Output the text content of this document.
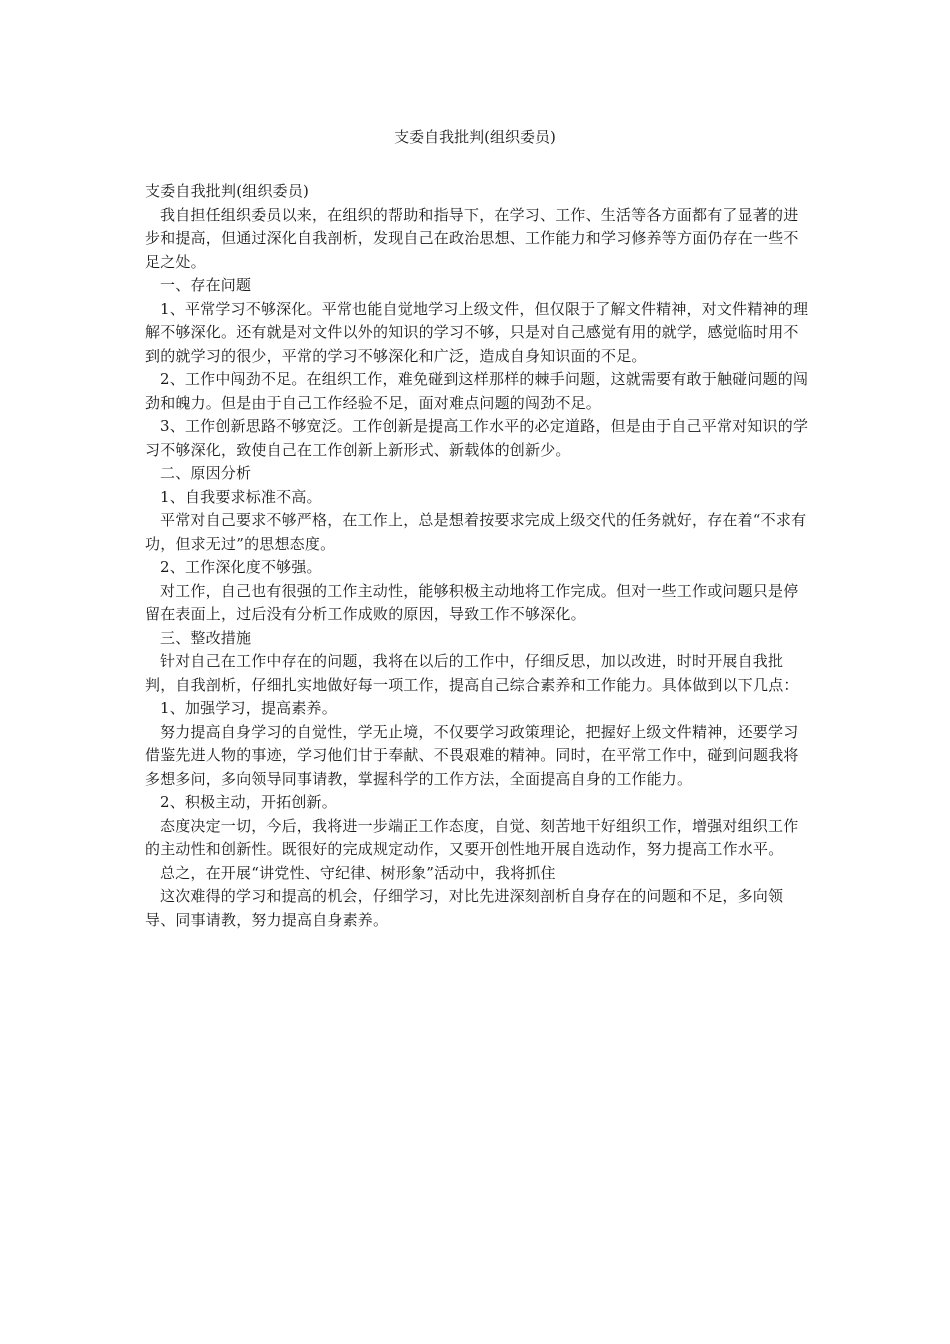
支委自我批判(组织委员)

支委自我批判(组织委员)

我自担任组织委员以来，在组织的帮助和指导下，在学习、工作、生活等各方面都有了显著的进步和提高，但通过深化自我剖析，发现自己在政治思想、工作能力和学习修养等方面仍存在一些不足之处。

一、存在问题

1、平常学习不够深化。平常也能自觉地学习上级文件，但仅限于了解文件精神，对文件精神的理解不够深化。还有就是对文件以外的知识的学习不够，只是对自己感觉有用的就学，感觉临时用不到的就学习的很少，平常的学习不够深化和广泛，造成自身知识面的不足。

2、工作中闯劲不足。在组织工作，难免碰到这样那样的棘手问题，这就需要有敢于触碰问题的闯劲和魄力。但是由于自己工作经验不足，面对难点问题的闯劲不足。

3、工作创新思路不够宽泛。工作创新是提高工作水平的必定道路，但是由于自己平常对知识的学习不够深化，致使自己在工作创新上新形式、新载体的创新少。

二、原因分析

1、自我要求标准不高。

平常对自己要求不够严格，在工作上，总是想着按要求完成上级交代的任务就好，存在着“不求有功，但求无过”的思想态度。

2、工作深化度不够强。

对工作，自己也有很强的工作主动性，能够积极主动地将工作完成。但对一些工作或问题只是停留在表面上，过后没有分析工作成败的原因，导致工作不够深化。

三、整改措施

针对自己在工作中存在的问题，我将在以后的工作中，仔细反思，加以改进，时时开展自我批判，自我剖析，仔细扎实地做好每一项工作，提高自己综合素养和工作能力。具体做到以下几点：

1、加强学习，提高素养。

努力提高自身学习的自觉性，学无止境，不仅要学习政策理论，把握好上级文件精神，还要学习借鉴先进人物的事迹，学习他们甘于奉献、不畏艰难的精神。同时，在平常工作中，碰到问题我将多想多问，多向领导同事请教，掌握科学的工作方法，全面提高自身的工作能力。

2、积极主动，开拓创新。

态度决定一切，今后，我将进一步端正工作态度，自觉、刻苦地干好组织工作，增强对组织工作的主动性和创新性。既很好的完成规定动作，又要开创性地开展自选动作，努力提高工作水平。

总之，在开展“讲党性、守纪律、树形象”活动中，我将抓住

这次难得的学习和提高的机会，仔细学习，对比先进深刻剖析自身存在的问题和不足，多向领导、同事请教，努力提高自身素养。
